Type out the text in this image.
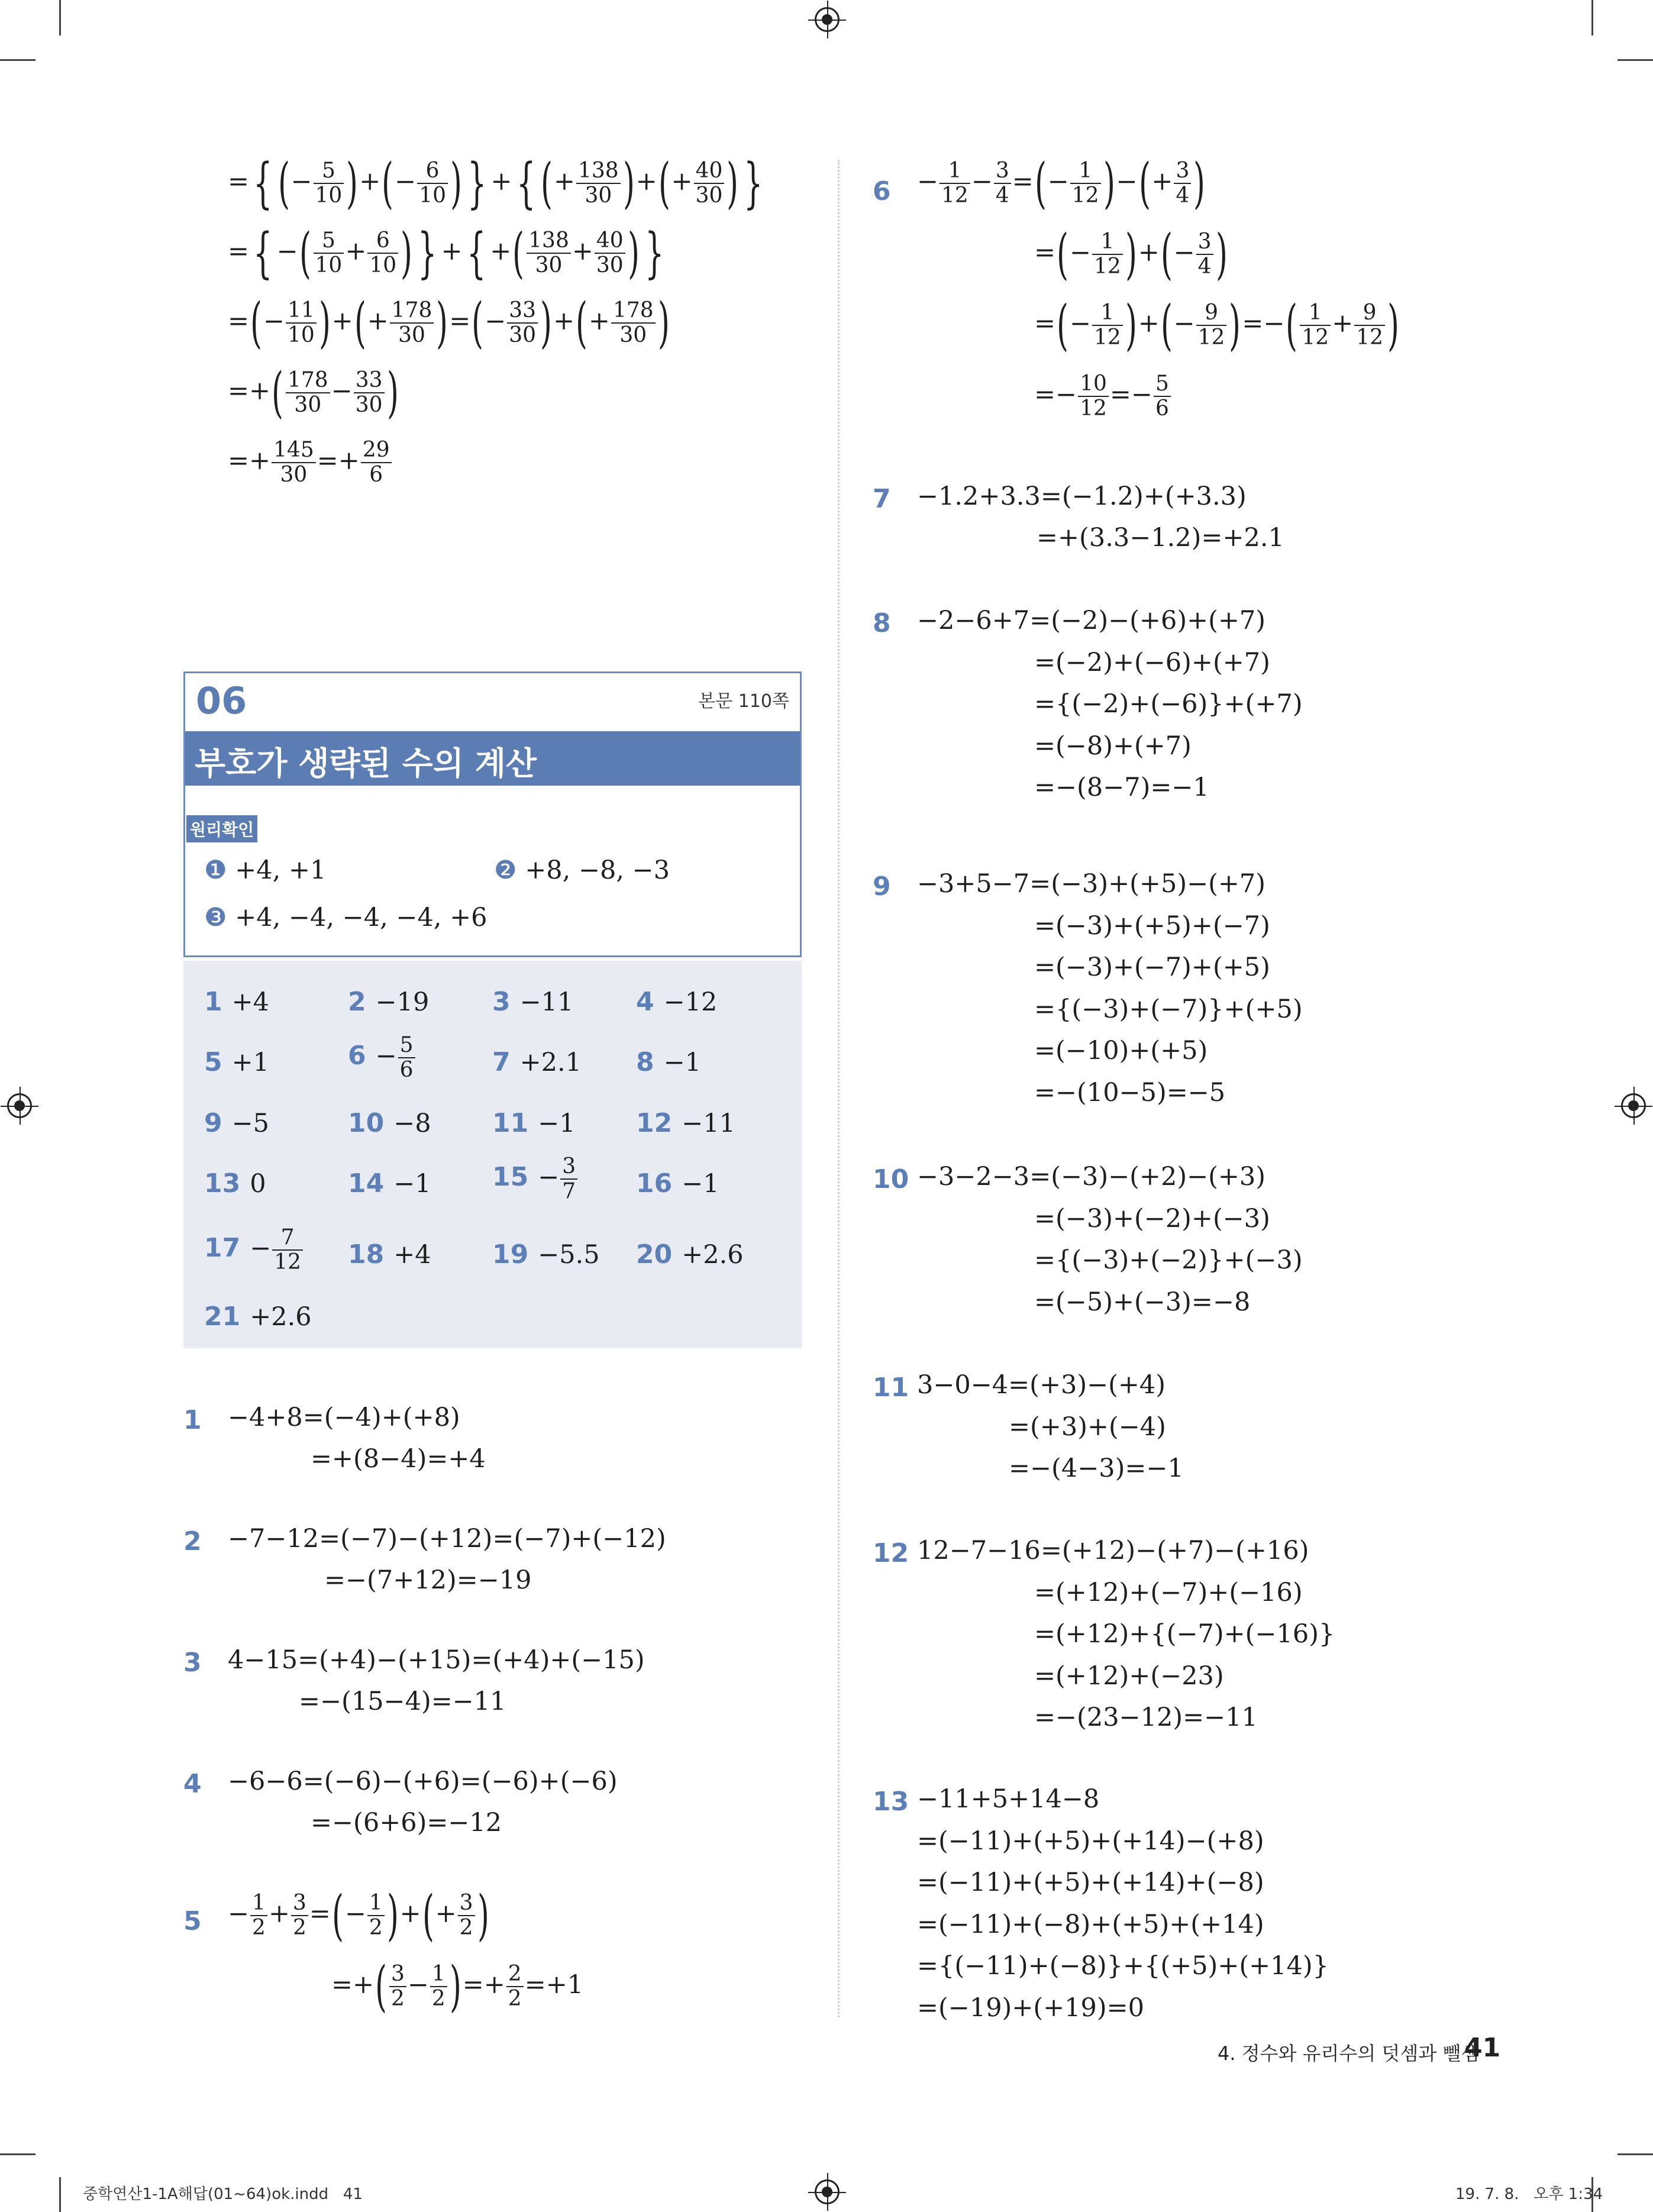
={ (− $\frac{5}{10}$ )+(− $\frac{6}{10}$ ) } +{ (+ $\frac{138}{30}$ )+(+ $\frac{40}{30}$ ) }
={ −( $\frac{5}{10} + \frac{6}{10}$ ) } +{ +( $\frac{138}{30} + \frac{40}{30}$ ) }
=(− $\frac{11}{10}$ )+(+ $\frac{178}{30}$ )=(− $\frac{33}{30}$ )+(+ $\frac{178}{30}$ )
=+( $\frac{178}{30} - \frac{33}{30}$ )
=+ $\frac{145}{30} =+ \frac{29}{6}$
06	본문 110쪽
부호가 생략된 수의 계산
원리확인
❶ +4, +1	❷ +8, −8, −3
❸ +4, −4, −4, −4, +6
1 +4	2 −19 3 −11 4 −12
5 +1	$6 - \frac{5}{6}$	7 +2.1 8 −1
9 −5	10 −8 11 −1 12 −11
13 0	14 −1 $15 - \frac{3}{7} 16 -1$
$17 - \frac{7}{12} 18 +4$ 19 −5.5 20 +2.6
21 +2.6
1 −4+8=(−4)+(+8)
=+(8−4)=+4
2 −7−12=(−7)−(+12)=(−7)+(−12)
=−(7+12)=−19
3 4−15=(+4)−(+15)=(+4)+(−15)
=−(15−4)=−11
4 −6−6=(−6)−(+6)=(−6)+(−6)
=−(6+6)=−12
$5 - \frac{1}{2} + \frac{3}{2}$ =(− $\frac{1}{2}$ )+(+ $\frac{3}{2}$ )
=+( $\frac{3}{2} - \frac{1}{2}$ )=+ $\frac{2}{2} =+1$
$6 - \frac{1}{12} - \frac{3}{4}$ =(− $\frac{1}{12}$ )−(+ $\frac{3}{4}$ )
=(− $\frac{1}{12}$ )+(− $\frac{3}{4}$ )
=(− $\frac{1}{12}$ )+(− $\frac{9}{12}$ )=−( $\frac{1}{12} + \frac{9}{12}$ )
=− $\frac{10}{12} =- \frac{5}{6}$
7 −1.2+3.3=(−1.2)+(+3.3)
=+(3.3−1.2)=+2.1
8 −2−6+7=(−2)−(+6)+(+7)
=(−2)+(−6)+(+7)
={(−2)+(−6)}+(+7)
=(−8)+(+7)
=−(8−7)=−1
9 −3+5−7=(−3)+(+5)−(+7)
=(−3)+(+5)+(−7)
=(−3)+(−7)+(+5)
={(−3)+(−7)}+(+5)
=(−10)+(+5)
=−(10−5)=−5
10 −3−2−3=(−3)−(+2)−(+3)
=(−3)+(−2)+(−3)
={(−3)+(−2)}+(−3)
=(−5)+(−3)=−8
11 3−0−4=(+3)−(+4)
=(+3)+(−4)
=−(4−3)=−1
12 12−7−16=(+12)−(+7)−(+16)
=(+12)+(−7)+(−16)
=(+12)+{(−7)+(−16)}
=(+12)+(−23)
=−(23−12)=−11
13 −11+5+14−8
=(−11)+(+5)+(+14)−(+8)
=(−11)+(+5)+(+14)+(−8)
=(−11)+(−8)+(+5)+(+14)
={(−11)+(−8)}+{(+5)+(+14)}
=(−19)+(+19)=0
4. 정수와 유리수의 덧셈과 뺄셈
41
중학연산1-1A해답(01~64)ok.indd   41	19. 7. 8.   오후 1:34
